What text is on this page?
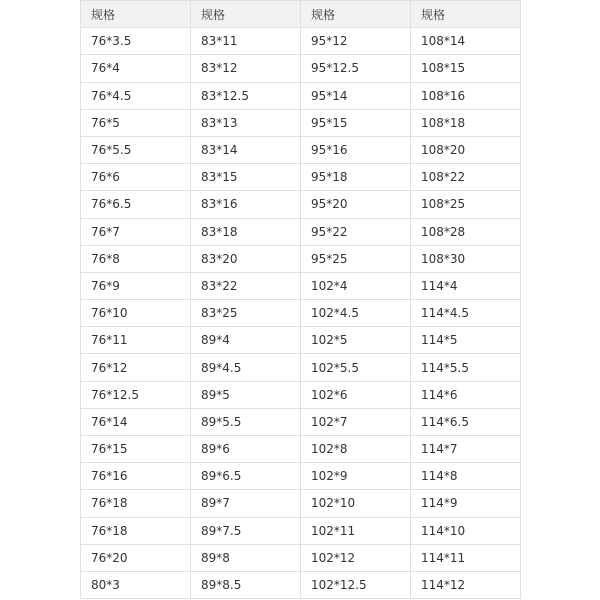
规格	规格	规格	规格
76*3.5	83*11	95*12	108*14
76*4	83*12	95*12.5	108*15
76*4.5	83*12.5	95*14	108*16
76*5	83*13	95*15	108*18
76*5.5	83*14	95*16	108*20
76*6	83*15	95*18	108*22
76*6.5	83*16	95*20	108*25
76*7	83*18	95*22	108*28
76*8	83*20	95*25	108*30
76*9	83*22	102*4	114*4
76*10	83*25	102*4.5	114*4.5
76*11	89*4	102*5	114*5
76*12	89*4.5	102*5.5	114*5.5
76*12.5	89*5	102*6	114*6
76*14	89*5.5	102*7	114*6.5
76*15	89*6	102*8	114*7
76*16	89*6.5	102*9	114*8
76*18	89*7	102*10	114*9
76*18	89*7.5	102*11	114*10
76*20	89*8	102*12	114*11
80*3	89*8.5	102*12.5	114*12
